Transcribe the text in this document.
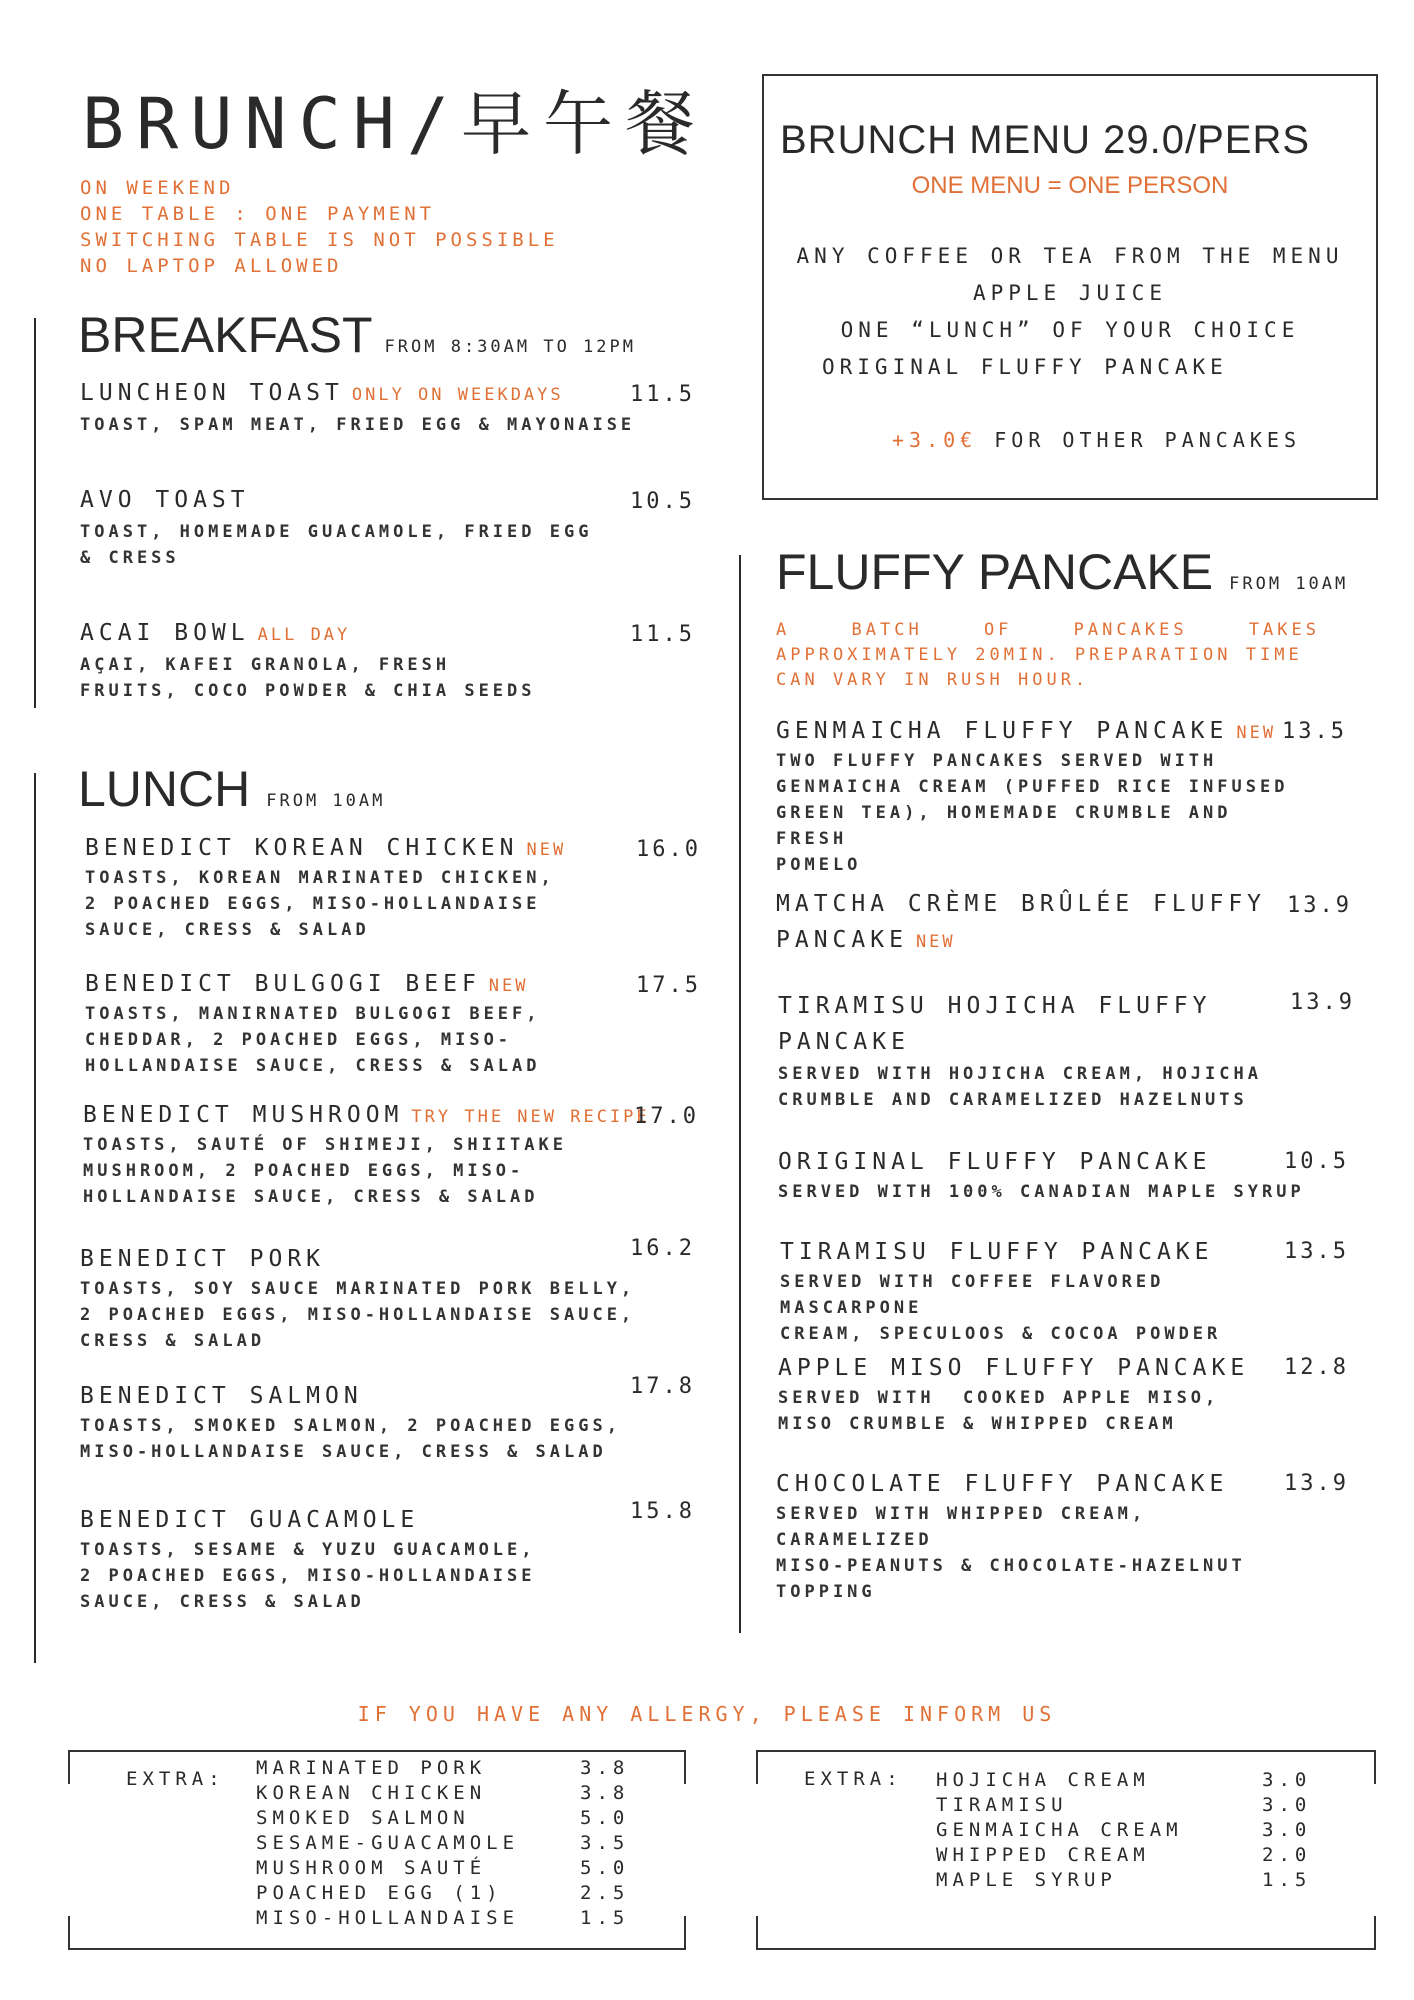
BRUNCH/早午餐
ON WEEKEND
ONE TABLE : ONE PAYMENT
SWITCHING TABLE IS NOT POSSIBLE
NO LAPTOP ALLOWED
BREAKFAST FROM 8:30AM TO 12PM
LUNCHEON TOAST ONLY ON WEEKDAYS
TOAST, SPAM MEAT, FRIED EGG & MAYONAISE
11.5
AVO TOAST
TOAST, HOMEMADE GUACAMOLE, FRIED EGG
& CRESS
10.5
ACAI BOWL ALL DAY
AÇAI, KAFEI GRANOLA, FRESH
FRUITS, COCO POWDER & CHIA SEEDS
11.5
LUNCH FROM 10AM
BENEDICT KOREAN CHICKEN NEW
TOASTS, KOREAN MARINATED CHICKEN,
2 POACHED EGGS, MISO-HOLLANDAISE
SAUCE, CRESS & SALAD
16.0
BENEDICT BULGOGI BEEF NEW
TOASTS, MANIRNATED BULGOGI BEEF,
CHEDDAR, 2 POACHED EGGS, MISO-
HOLLANDAISE SAUCE, CRESS & SALAD
17.5
BENEDICT MUSHROOM TRY THE NEW RECIPE
TOASTS, SAUTÉ OF SHIMEJI, SHIITAKE
MUSHROOM, 2 POACHED EGGS, MISO-
HOLLANDAISE SAUCE, CRESS & SALAD
17.0
BENEDICT PORK
TOASTS, SOY SAUCE MARINATED PORK BELLY,
2 POACHED EGGS, MISO-HOLLANDAISE SAUCE,
CRESS & SALAD
16.2
BENEDICT SALMON
TOASTS, SMOKED SALMON, 2 POACHED EGGS,
MISO-HOLLANDAISE SAUCE, CRESS & SALAD
17.8
BENEDICT GUACAMOLE
TOASTS, SESAME & YUZU GUACAMOLE,
2 POACHED EGGS, MISO-HOLLANDAISE
SAUCE, CRESS & SALAD
15.8
BRUNCH MENU 29.0/PERS
ONE MENU = ONE PERSON
ANY COFFEE OR TEA FROM THE MENU
APPLE JUICE
ONE “LUNCH” OF YOUR CHOICE
ORIGINAL FLUFFY PANCAKE
+3.0€ FOR OTHER PANCAKES
FLUFFY PANCAKE FROM 10AM
A BATCH OF PANCAKES TAKES
APPROXIMATELY 20MIN. PREPARATION TIME
CAN VARY IN RUSH HOUR.
GENMAICHA FLUFFY PANCAKE NEW
TWO FLUFFY PANCAKES SERVED WITH
GENMAICHA CREAM (PUFFED RICE INFUSED
GREEN TEA), HOMEMADE CRUMBLE AND FRESH
POMELO
13.5
MATCHA CRÈME BRÛLÉE FLUFFY
PANCAKE NEW
13.9
TIRAMISU HOJICHA FLUFFY
PANCAKE
SERVED WITH HOJICHA CREAM, HOJICHA
CRUMBLE AND CARAMELIZED HAZELNUTS
13.9
ORIGINAL FLUFFY PANCAKE
SERVED WITH 100% CANADIAN MAPLE SYRUP
10.5
TIRAMISU FLUFFY PANCAKE
SERVED WITH COFFEE FLAVORED MASCARPONE
CREAM, SPECULOOS & COCOA POWDER
13.5
APPLE MISO FLUFFY PANCAKE
SERVED WITH  COOKED APPLE MISO,
MISO CRUMBLE & WHIPPED CREAM
12.8
CHOCOLATE FLUFFY PANCAKE
SERVED WITH WHIPPED CREAM, CARAMELIZED
MISO-PEANUTS & CHOCOLATE-HAZELNUT
TOPPING
13.9
IF YOU HAVE ANY ALLERGY, PLEASE INFORM US
EXTRA: MARINATED PORK	3.8
KOREAN CHICKEN	3.8
SMOKED SALMON	5.0
SESAME-GUACAMOLE	3.5
MUSHROOM SAUTÉ	5.0
POACHED EGG (1)	2.5
MISO-HOLLANDAISE	1.5
EXTRA: HOJICHA CREAM	3.0
TIRAMISU	3.0
GENMAICHA CREAM	3.0
WHIPPED CREAM	2.0
MAPLE SYRUP	1.5
